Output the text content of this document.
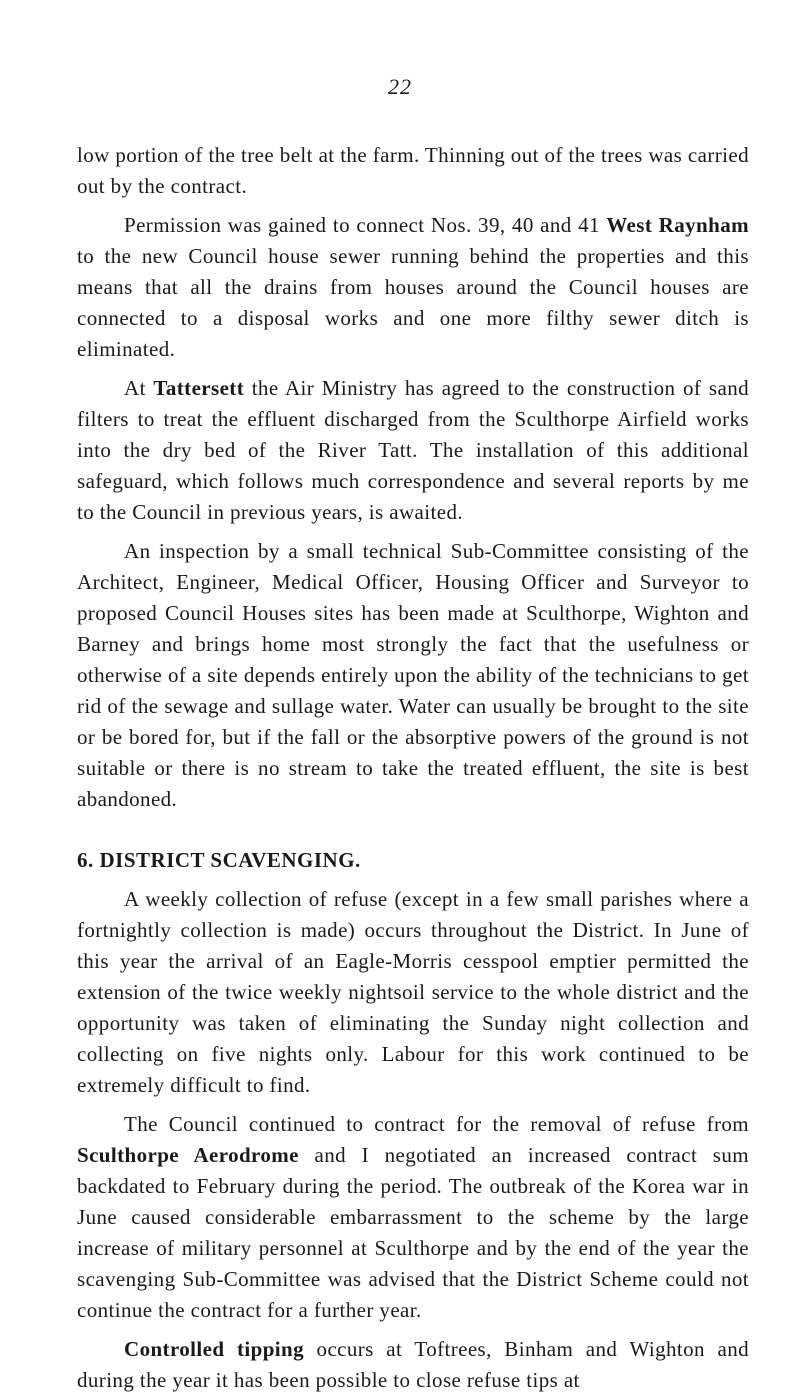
22

low portion of the tree belt at the farm. Thinning out of the trees was carried out by the contract.

Permission was gained to connect Nos. 39, 40 and 41 West Raynham to the new Council house sewer running behind the properties and this means that all the drains from houses around the Council houses are connected to a disposal works and one more filthy sewer ditch is eliminated.

At Tattersett the Air Ministry has agreed to the construction of sand filters to treat the effluent discharged from the Sculthorpe Airfield works into the dry bed of the River Tatt. The installation of this additional safeguard, which follows much correspondence and several reports by me to the Council in previous years, is awaited.

An inspection by a small technical Sub-Committee consisting of the Architect, Engineer, Medical Officer, Housing Officer and Surveyor to proposed Council Houses sites has been made at Sculthorpe, Wighton and Barney and brings home most strongly the fact that the usefulness or otherwise of a site depends entirely upon the ability of the technicians to get rid of the sewage and sullage water. Water can usually be brought to the site or be bored for, but if the fall or the absorptive powers of the ground is not suitable or there is no stream to take the treated effluent, the site is best abandoned.

6. DISTRICT SCAVENGING.

A weekly collection of refuse (except in a few small parishes where a fortnightly collection is made) occurs throughout the District. In June of this year the arrival of an Eagle-Morris cesspool emptier permitted the extension of the twice weekly nightsoil service to the whole district and the opportunity was taken of eliminating the Sunday night collection and collecting on five nights only. Labour for this work continued to be extremely difficult to find.

The Council continued to contract for the removal of refuse from Sculthorpe Aerodrome and I negotiated an increased contract sum backdated to February during the period. The outbreak of the Korea war in June caused considerable embarrassment to the scheme by the large increase of military personnel at Sculthorpe and by the end of the year the scavenging Sub-Committee was advised that the District Scheme could not continue the contract for a further year.

Controlled tipping occurs at Toftrees, Binham and Wighton and during the year it has been possible to close refuse tips at
